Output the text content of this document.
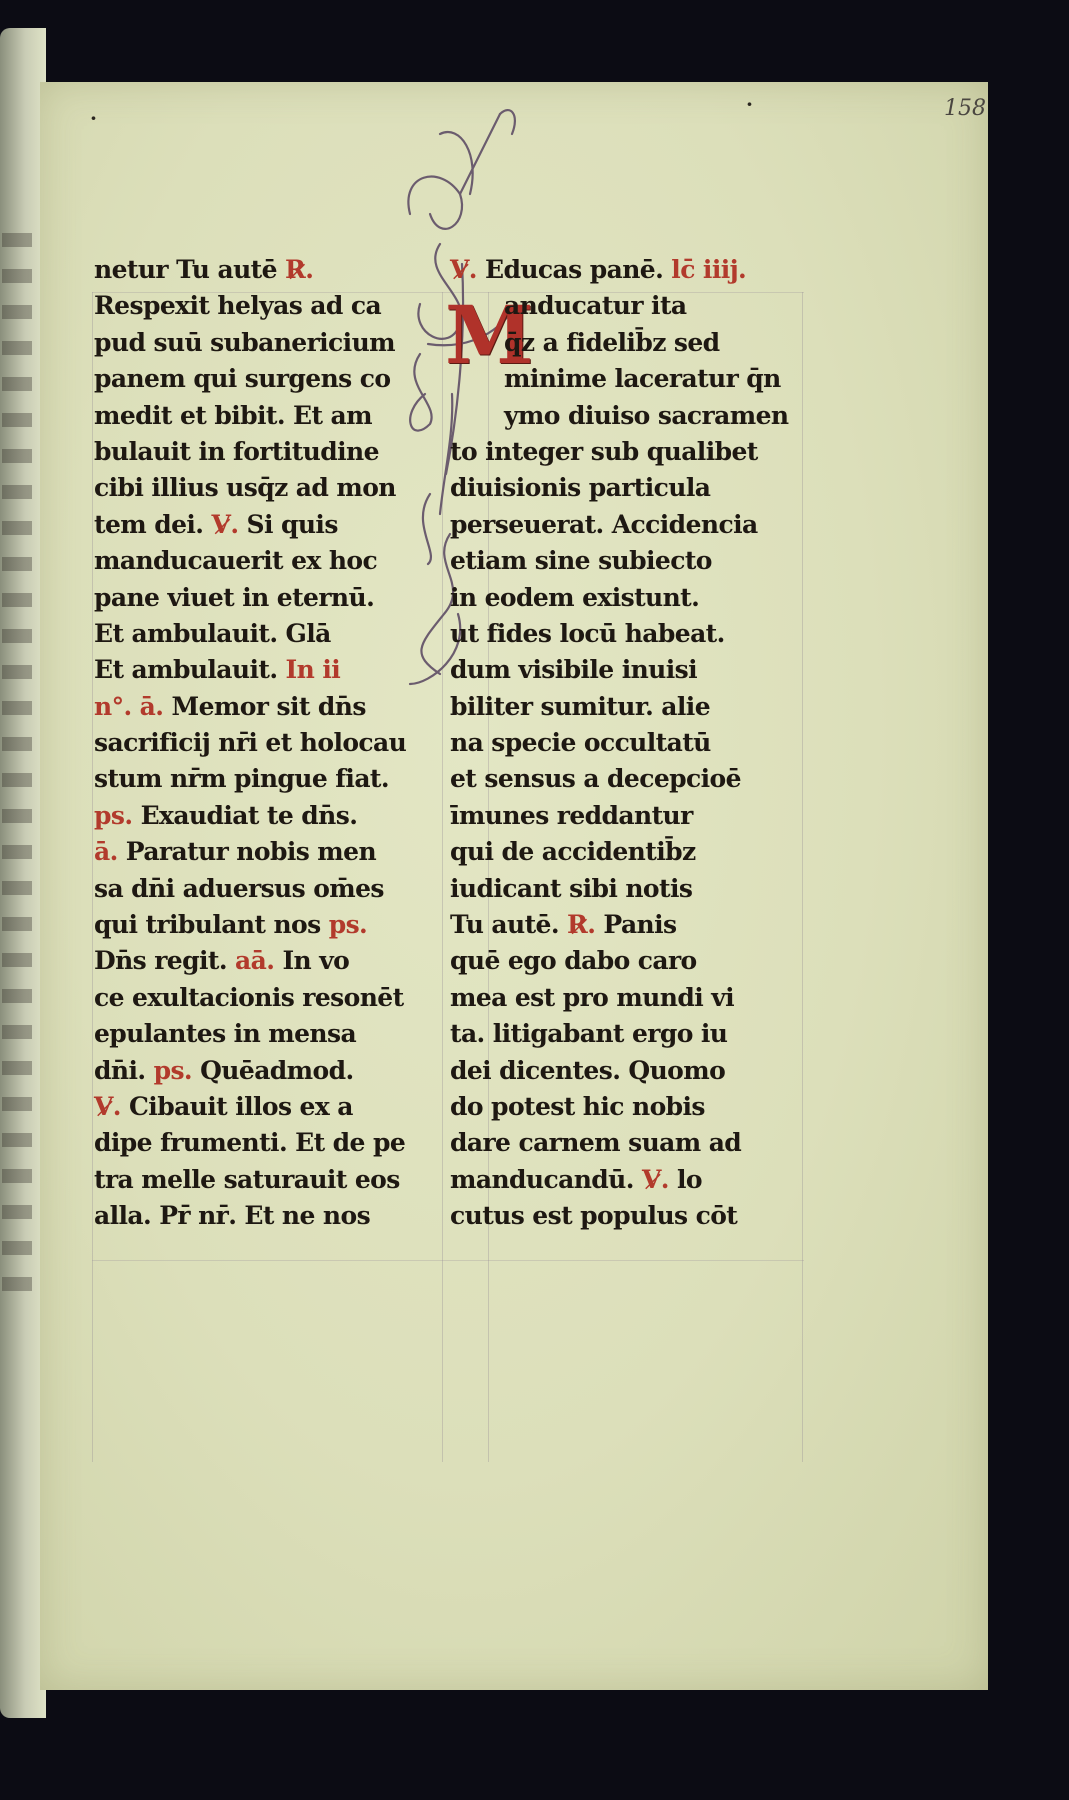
158
M
·
·
netur Tu autē R̷.
Respexit helyas ad ca
pud suū subanericium
panem qui surgens co
medit et bibit. Et am
bulauit in fortitudine
cibi illius usq̄z ad mon
tem dei. V̷. Si quis
manducauerit ex hoc
pane viuet in eternū.
Et ambulauit. Glā
Et ambulauit. In ii
n°. ā. Memor sit dn̄s
sacrificij nr̄i et holocau
stum nr̄m pingue fiat.
ps. Exaudiat te dn̄s.
ā. Paratur nobis men
sa dn̄i aduersus om̄es
qui tribulant nos ps.
Dn̄s regit. aā. In vo
ce exultacionis resonēt
epulantes in mensa
dn̄i. ps. Quēadmod.
V̷. Cibauit illos ex a
dipe frumenti. Et de pe
tra melle saturauit eos
alla. Pr̄ nr̄. Et ne nos
V̷. Educas panē. lc̄ iiij.
anducatur ita
q̄z a fidelib̄z sed
minime laceratur q̄n
ymo diuiso sacramen
to integer sub qualibet
diuisionis particula
perseuerat. Accidencia
etiam sine subiecto
in eodem existunt.
ut fides locū habeat.
dum visibile inuisi
biliter sumitur. alie
na specie occultatū
et sensus a decepcioē
īmunes reddantur
qui de accidentib̄z
iudicant sibi notis
Tu autē. R̷. Panis
quē ego dabo caro
mea est pro mundi vi
ta. litigabant ergo iu
dei dicentes. Quomo
do potest hic nobis
dare carnem suam ad
manducandū. V̷. lo
cutus est populus cōt
